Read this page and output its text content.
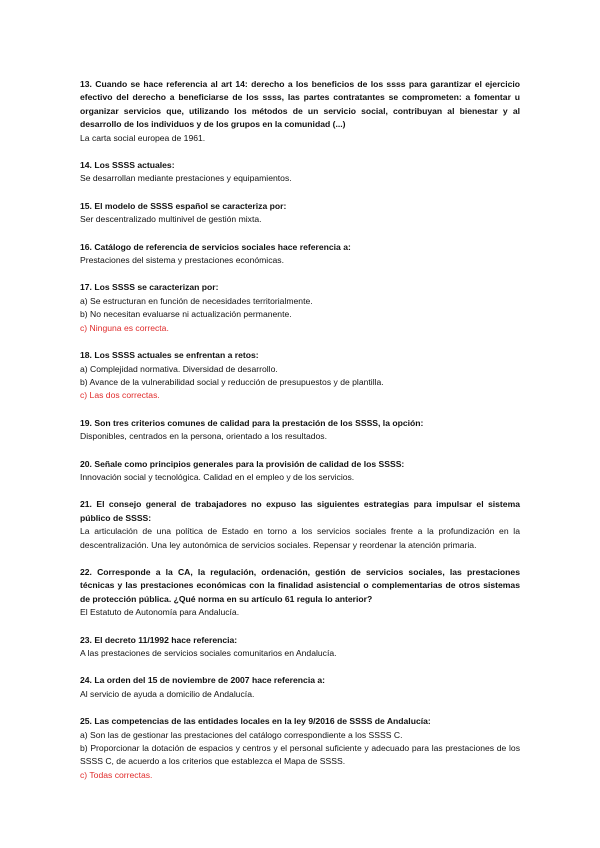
13. Cuando se hace referencia al art 14: derecho a los beneficios de los ssss para garantizar el ejercicio efectivo del derecho a beneficiarse de los ssss, las partes contratantes se comprometen: a fomentar u organizar servicios que, utilizando los métodos de un servicio social, contribuyan al bienestar y al desarrollo de los individuos y de los grupos en la comunidad (...)
La carta social europea de 1961.
14. Los SSSS actuales:
Se desarrollan mediante prestaciones y equipamientos.
15. El modelo de SSSS español se caracteriza por:
Ser descentralizado multinivel de gestión mixta.
16. Catálogo de referencia de servicios sociales hace referencia a:
Prestaciones del sistema y prestaciones económicas.
17. Los SSSS se caracterizan por:
a) Se estructuran en función de necesidades territorialmente.
b) No necesitan evaluarse ni actualización permanente.
c) Ninguna es correcta.
18. Los SSSS actuales se enfrentan a retos:
a) Complejidad normativa. Diversidad de desarrollo.
b) Avance de la vulnerabilidad social y reducción de presupuestos y de plantilla.
c) Las dos correctas.
19. Son tres criterios comunes de calidad para la prestación de los SSSS, la opción:
Disponibles, centrados en la persona, orientado a los resultados.
20. Señale como principios generales para la provisión de calidad de los SSSS:
Innovación social y tecnológica. Calidad en el empleo y de los servicios.
21. El consejo general de trabajadores no expuso las siguientes estrategias para impulsar el sistema público de SSSS:
La articulación de una política de Estado en torno a los servicios sociales frente a la profundización en la descentralización. Una ley autonómica de servicios sociales. Repensar y reordenar la atención primaria.
22. Corresponde a la CA, la regulación, ordenación, gestión de servicios sociales, las prestaciones técnicas y las prestaciones económicas con la finalidad asistencial o complementarias de otros sistemas de protección pública. ¿Qué norma en su artículo 61 regula lo anterior?
El Estatuto de Autonomía para Andalucía.
23. El decreto 11/1992 hace referencia:
A las prestaciones de servicios sociales comunitarios en Andalucía.
24. La orden del 15 de noviembre de 2007 hace referencia a:
Al servicio de ayuda a domicilio de Andalucía.
25. Las competencias de las entidades locales en la ley 9/2016 de SSSS de Andalucía:
a) Son las de gestionar las prestaciones del catálogo correspondiente a los SSSS C.
b) Proporcionar la dotación de espacios y centros y el personal suficiente y adecuado para las prestaciones de los SSSS C, de acuerdo a los criterios que establezca el Mapa de SSSS.
c) Todas correctas.
